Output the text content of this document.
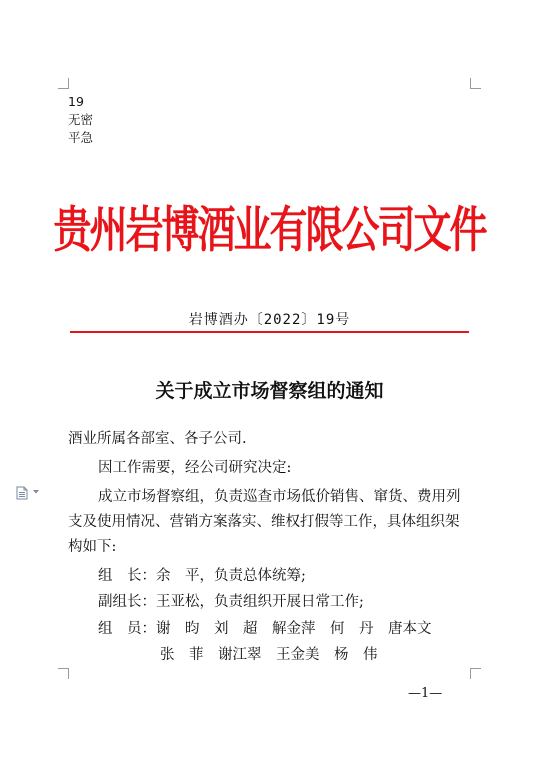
19
无密
平急
贵州岩博酒业有限公司文件
岩博酒办〔2022〕19号
关于成立市场督察组的通知
酒业所属各部室、各子公司.
因工作需要，经公司研究决定:
成立市场督察组，负责巡查市场低价销售、窜货、费用列
支及使用情况、营销方案落实、维权打假等工作，具体组织架
构如下:
组　长：余　平，负责总体统筹;
副组长：王亚松，负责组织开展日常工作;
组　员：谢　昀　刘　超　解金萍　何　丹　唐本文
张　菲　谢江翠　王金美　杨　伟
—1—
